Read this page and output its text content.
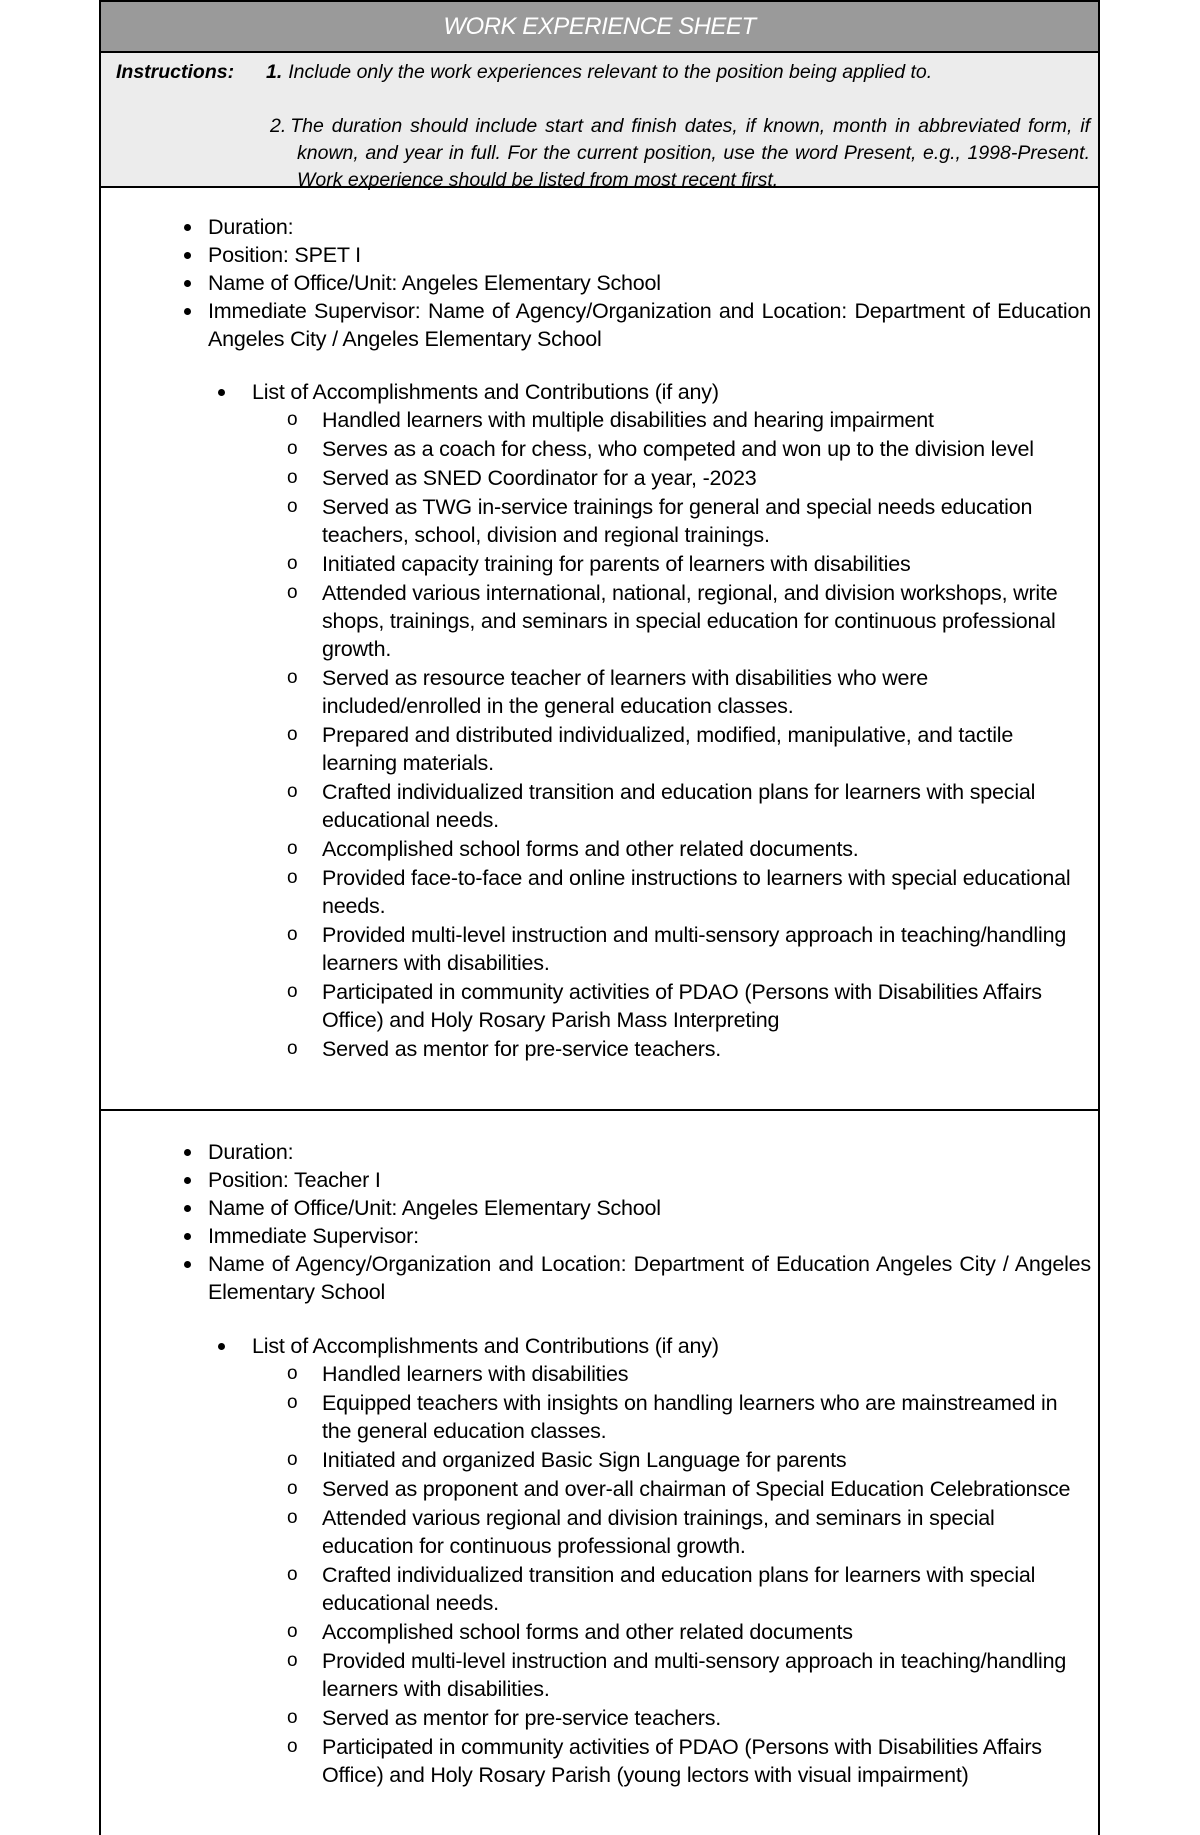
WORK EXPERIENCE SHEET
Instructions: 1. Include only the work experiences relevant to the position being applied to.
2. The duration should include start and finish dates, if known, month in abbreviated form, if known, and year in full. For the current position, use the word Present, e.g., 1998-Present. Work experience should be listed from most recent first.
Duration:
Position: SPET I
Name of Office/Unit: Angeles Elementary School
Immediate Supervisor: Name of Agency/Organization and Location: Department of Education Angeles City / Angeles Elementary School
List of Accomplishments and Contributions (if any)
o Handled learners with multiple disabilities and hearing impairment
o Serves as a coach for chess, who competed and won up to the division level
o Served as SNED Coordinator for a year, -2023
o Served as TWG in-service trainings for general and special needs education teachers, school, division and regional trainings.
o Initiated capacity training for parents of learners with disabilities
o Attended various international, national, regional, and division workshops, write shops, trainings, and seminars in special education for continuous professional growth.
o Served as resource teacher of learners with disabilities who were included/enrolled in the general education classes.
o Prepared and distributed individualized, modified, manipulative, and tactile learning materials.
o Crafted individualized transition and education plans for learners with special educational needs.
o Accomplished school forms and other related documents.
o Provided face-to-face and online instructions to learners with special educational needs.
o Provided multi-level instruction and multi-sensory approach in teaching/handling learners with disabilities.
o Participated in community activities of PDAO (Persons with Disabilities Affairs Office) and Holy Rosary Parish Mass Interpreting
o Served as mentor for pre-service teachers.
Duration:
Position: Teacher I
Name of Office/Unit: Angeles Elementary School
Immediate Supervisor:
Name of Agency/Organization and Location: Department of Education Angeles City / Angeles Elementary School
List of Accomplishments and Contributions (if any)
o Handled learners with disabilities
o Equipped teachers with insights on handling learners who are mainstreamed in the general education classes.
o Initiated and organized Basic Sign Language for parents
o Served as proponent and over-all chairman of Special Education Celebrationsce
o Attended various regional and division trainings, and seminars in special education for continuous professional growth.
o Crafted individualized transition and education plans for learners with special educational needs.
o Accomplished school forms and other related documents
o Provided multi-level instruction and multi-sensory approach in teaching/handling learners with disabilities.
o Served as mentor for pre-service teachers.
o Participated in community activities of PDAO (Persons with Disabilities Affairs Office) and Holy Rosary Parish (young lectors with visual impairment)
